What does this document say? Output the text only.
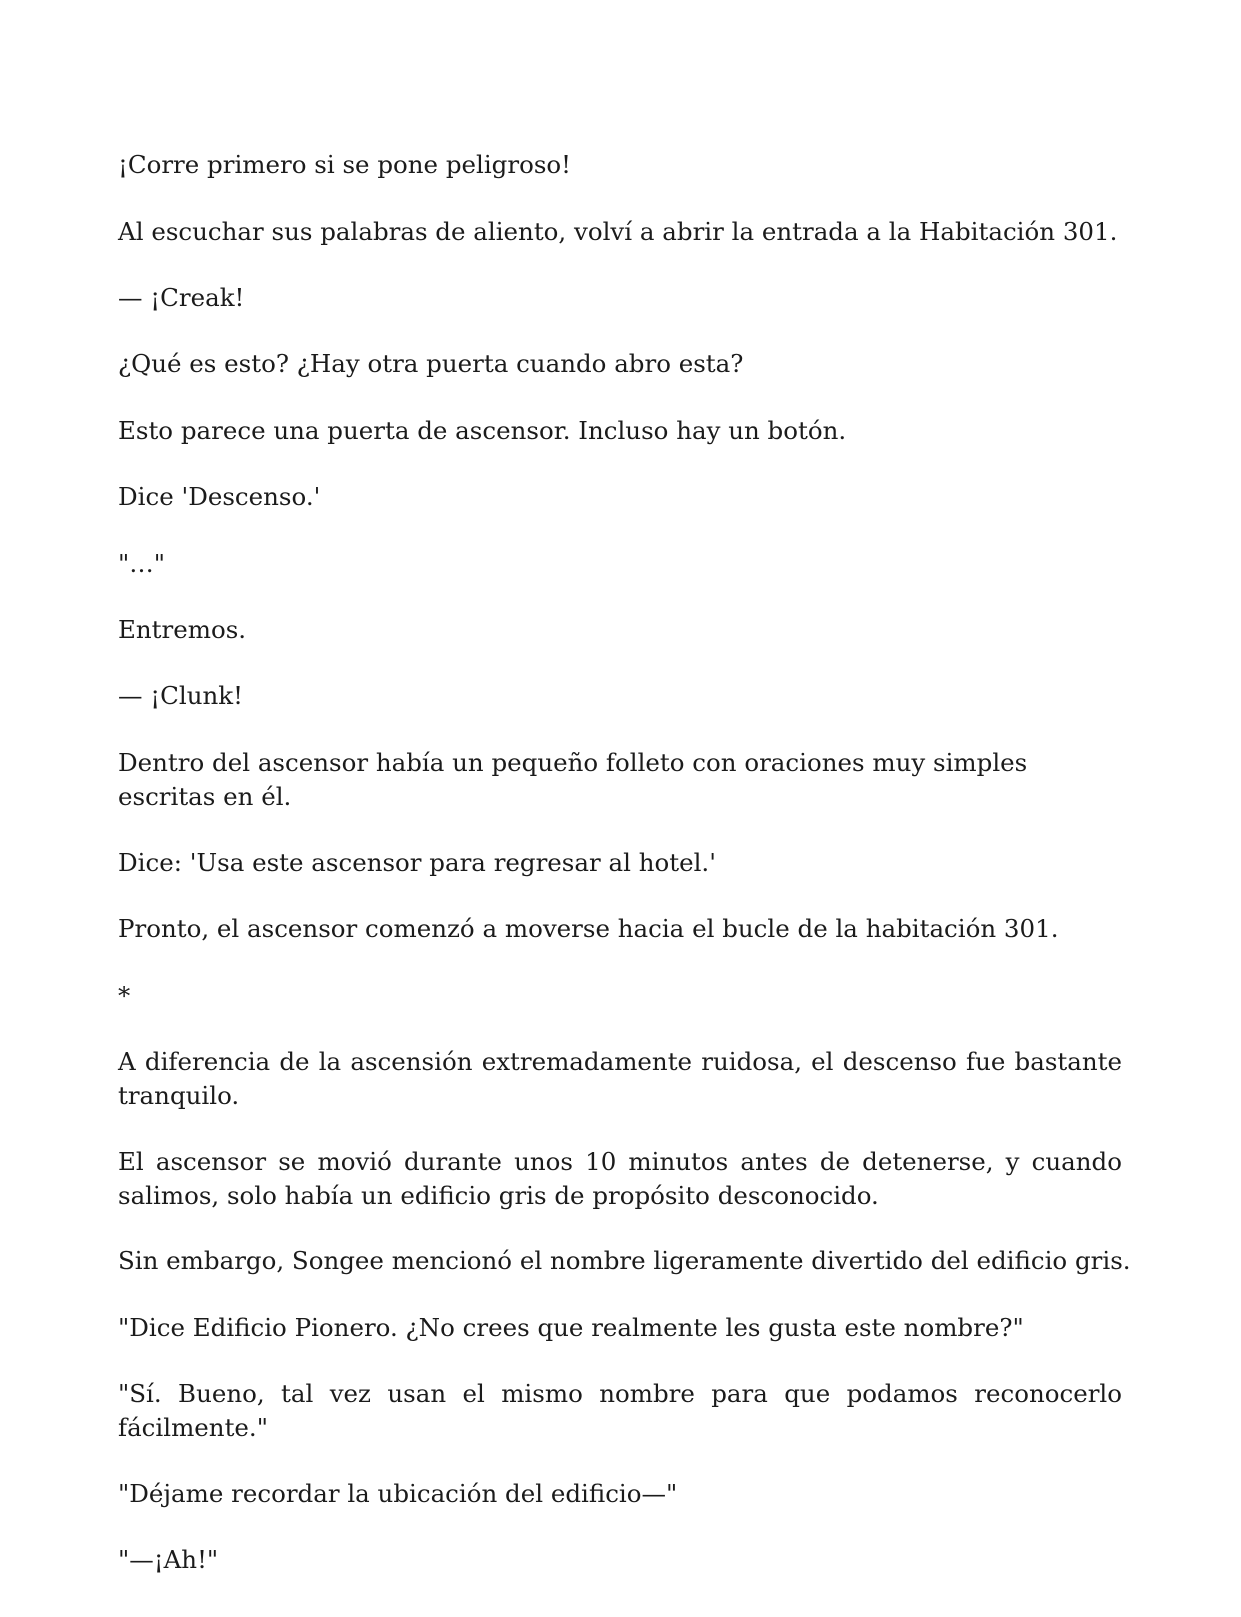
¡Corre primero si se pone peligroso!

Al escuchar sus palabras de aliento, volví a abrir la entrada a la Habitación 301.

— ¡Creak!

¿Qué es esto? ¿Hay otra puerta cuando abro esta?

Esto parece una puerta de ascensor. Incluso hay un botón.

Dice 'Descenso.'

"…"

Entremos.

— ¡Clunk!

Dentro del ascensor había un pequeño folleto con oraciones muy simples escritas en él.

Dice: 'Usa este ascensor para regresar al hotel.'

Pronto, el ascensor comenzó a moverse hacia el bucle de la habitación 301.

*

A diferencia de la ascensión extremadamente ruidosa, el descenso fue bastante tranquilo.

El ascensor se movió durante unos 10 minutos antes de detenerse, y cuando salimos, solo había un edificio gris de propósito desconocido.

Sin embargo, Songee mencionó el nombre ligeramente divertido del edificio gris.

"Dice Edificio Pionero. ¿No crees que realmente les gusta este nombre?"

"Sí. Bueno, tal vez usan el mismo nombre para que podamos reconocerlo fácilmente."

"Déjame recordar la ubicación del edificio—"

"—¡Ah!"
